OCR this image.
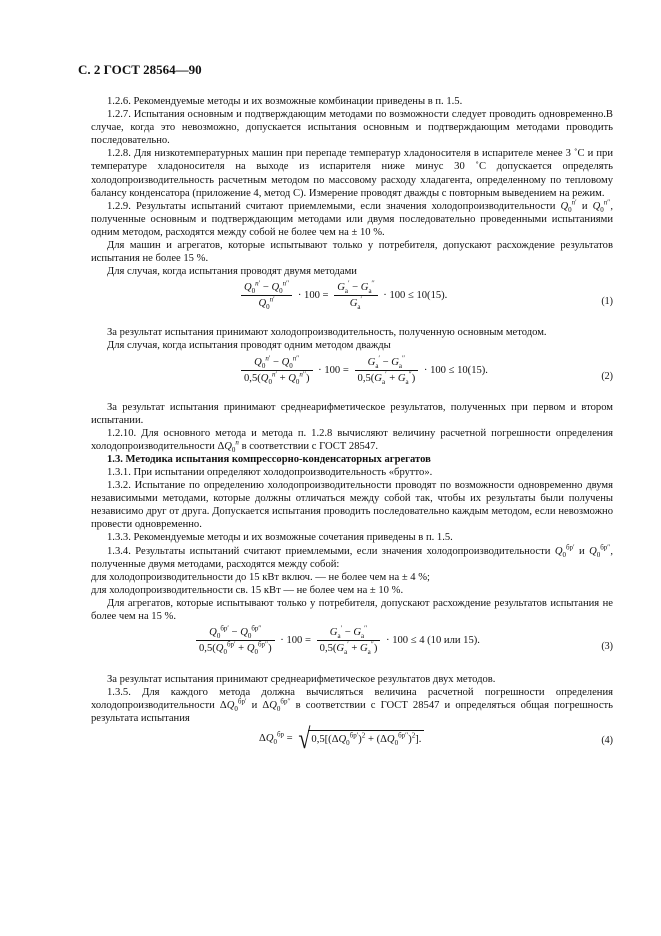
С. 2 ГОСТ 28564—90

1.2.6. Рекомендуемые методы и их возможные комбинации приведены в п. 1.5.

1.2.7. Испытания основным и подтверждающим методами по возможности следует проводить одновременно.В случае, когда это невозможно, допускается испытания основным и подтверждающим методами проводить последовательно.

1.2.8. Для низкотемпературных машин при перепаде температур хладоносителя в испарителе менее 3 ˚С и при температуре хладоносителя на выходе из испарителя ниже минус 30 ˚С допускается определять холодопроизводительность расчетным методом по массовому расходу хладагента, определенному по тепловому балансу конденсатора (приложение 4, метод С). Измерение проводят дважды с повторным выведением на режим.

1.2.9. Результаты испытаний считают приемлемыми, если значения холодопроизводительности $Q_0^{п'}$ и $Q_0^{п''}$, полученные основным и подтверждающим методами или двумя последовательно проведенными испытаниями одним методом, расходятся между собой не более чем на ± 10 %.

Для машин и агрегатов, которые испытывают только у потребителя, допускают расхождение результатов испытания не более 15 %.

Для случая, когда испытания проводят двумя методами

$\frac{Q_0^{п'} - Q_0^{п''}}{Q_0^{п'}} \cdot 100 = \frac{G_a' - G_a''}{G_a'} \cdot 100 \le 10(15)$.
(1)

За результат испытания принимают холодопроизводительность, полученную основным методом.

Для случая, когда испытания проводят одним методом дважды

$\frac{Q_0^{п'} - Q_0^{п''}}{0,5(Q_0^{п'} + Q_0^{п''})} \cdot 100 = \frac{G_a' - G_a''}{0,5(G_a' + G_a'')} \cdot 100 \le 10(15)$.
(2)

За результат испытания принимают среднеарифметическое результатов, полученных при первом и втором испытании.

1.2.10. Для основного метода и метода п. 1.2.8 вычисляют величину расчетной погрешности определения холодопроизводительности $\Delta Q_0^п$ в соответствии с ГОСТ 28547.

1.3. Методика испытания компрессорно-конденсаторных агрегатов

1.3.1. При испытании определяют холодопроизводительность «брутто».

1.3.2. Испытание по определению холодопроизводительности проводят по возможности одновременно двумя независимыми методами, которые должны отличаться между собой так, чтобы их результаты были получены независимо друг от друга. Допускается испытания проводить последовательно каждым методом, если невозможно провести одновременно.

1.3.3. Рекомендуемые методы и их возможные сочетания приведены в п. 1.5.

1.3.4. Результаты испытаний считают приемлемыми, если значения холодопроизводительности $Q_0^{бр'}$ и $Q_0^{бр''}$, полученные двумя методами, расходятся между собой:

для холодопроизводительности до 15 кВт включ. — не более чем на ± 4 %;

для холодопроизводительности св. 15 кВт — не более чем на ± 10 %.

Для агрегатов, которые испытывают только у потребителя, допускают расхождение результатов испытания не более чем на 15 %.

$\frac{Q_0^{бр'} - Q_0^{бр''}}{0,5(Q_0^{бр'} + Q_0^{бр''})} \cdot 100 = \frac{G_a' - G_a''}{0,5(G_a' + G_a'')} \cdot 100 \le 4$ (10 или 15).
(3)

За результат испытания принимают среднеарифметическое результатов двух методов.

1.3.5. Для каждого метода должна вычисляться величина расчетной погрешности определения холодопроизводительности $\Delta Q_0^{бр'}$ и $\Delta Q_0^{бр''}$ в соответствии с ГОСТ 28547 и определяться общая погрешность результата испытания

$\Delta Q_0^{бр} = √0,5[(\Delta Q_0^{бр'})^2 + (\Delta Q_0^{бр''})^2]$.	(4)
